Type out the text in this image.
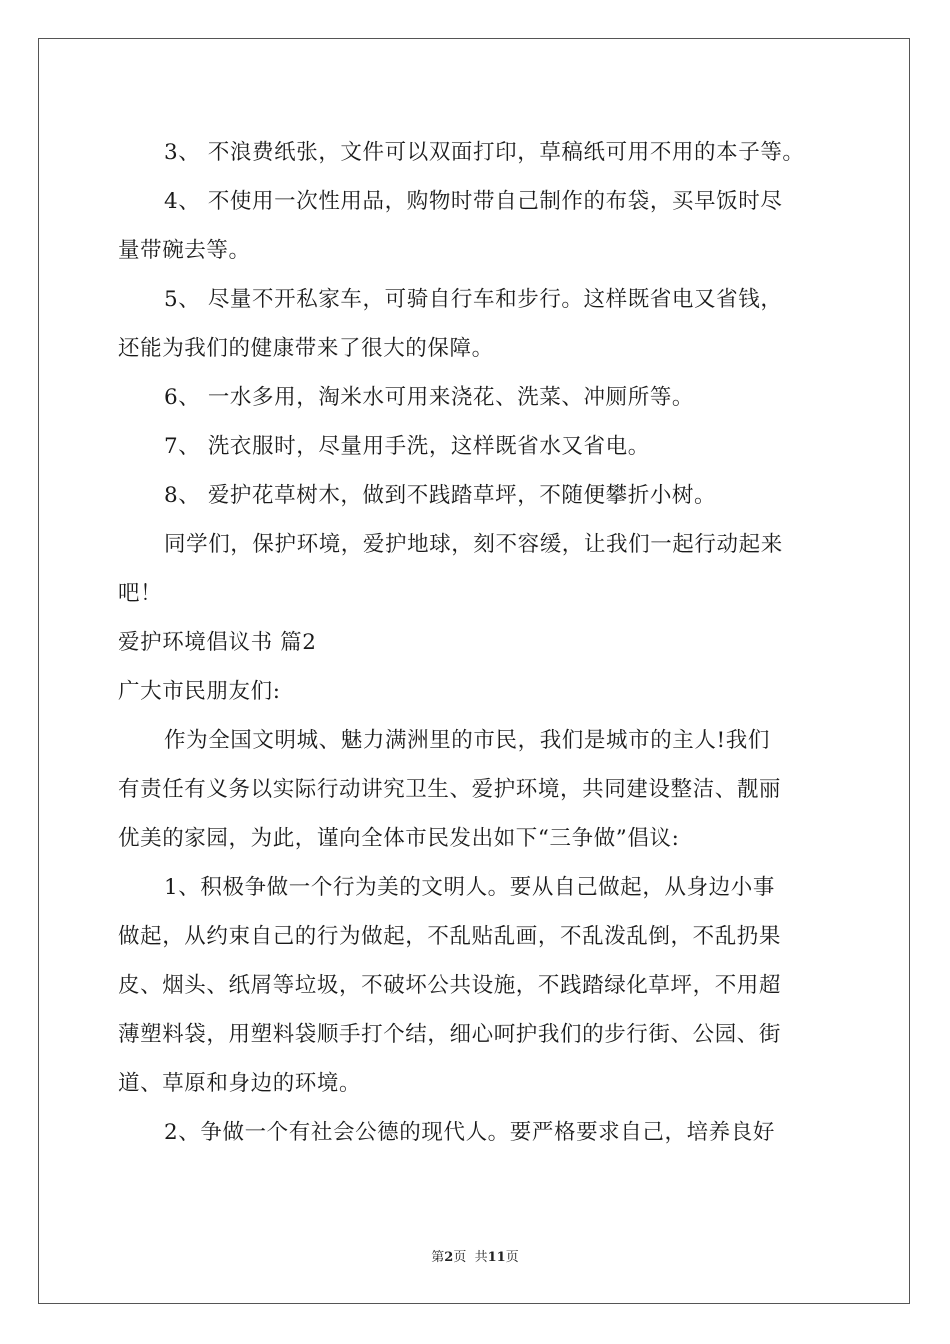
3、 不浪费纸张，文件可以双面打印，草稿纸可用不用的本子等。
4、 不使用一次性用品，购物时带自己制作的布袋，买早饭时尽
量带碗去等。
5、 尽量不开私家车，可骑自行车和步行。这样既省电又省钱，
还能为我们的健康带来了很大的保障。
6、 一水多用，淘米水可用来浇花、洗菜、冲厕所等。
7、 洗衣服时，尽量用手洗，这样既省水又省电。
8、 爱护花草树木，做到不践踏草坪，不随便攀折小树。
同学们，保护环境，爱护地球，刻不容缓，让我们一起行动起来
吧！
爱护环境倡议书 篇2
广大市民朋友们:
作为全国文明城、魅力满洲里的市民，我们是城市的主人!我们
有责任有义务以实际行动讲究卫生、爱护环境，共同建设整洁、靓丽
优美的家园，为此，谨向全体市民发出如下“三争做”倡议:
1、积极争做一个行为美的文明人。要从自己做起，从身边小事
做起，从约束自己的行为做起，不乱贴乱画，不乱泼乱倒，不乱扔果
皮、烟头、纸屑等垃圾，不破坏公共设施，不践踏绿化草坪，不用超
薄塑料袋，用塑料袋顺手打个结，细心呵护我们的步行街、公园、街
道、草原和身边的环境。
2、争做一个有社会公德的现代人。要严格要求自己，培养良好
第2页  共11页
